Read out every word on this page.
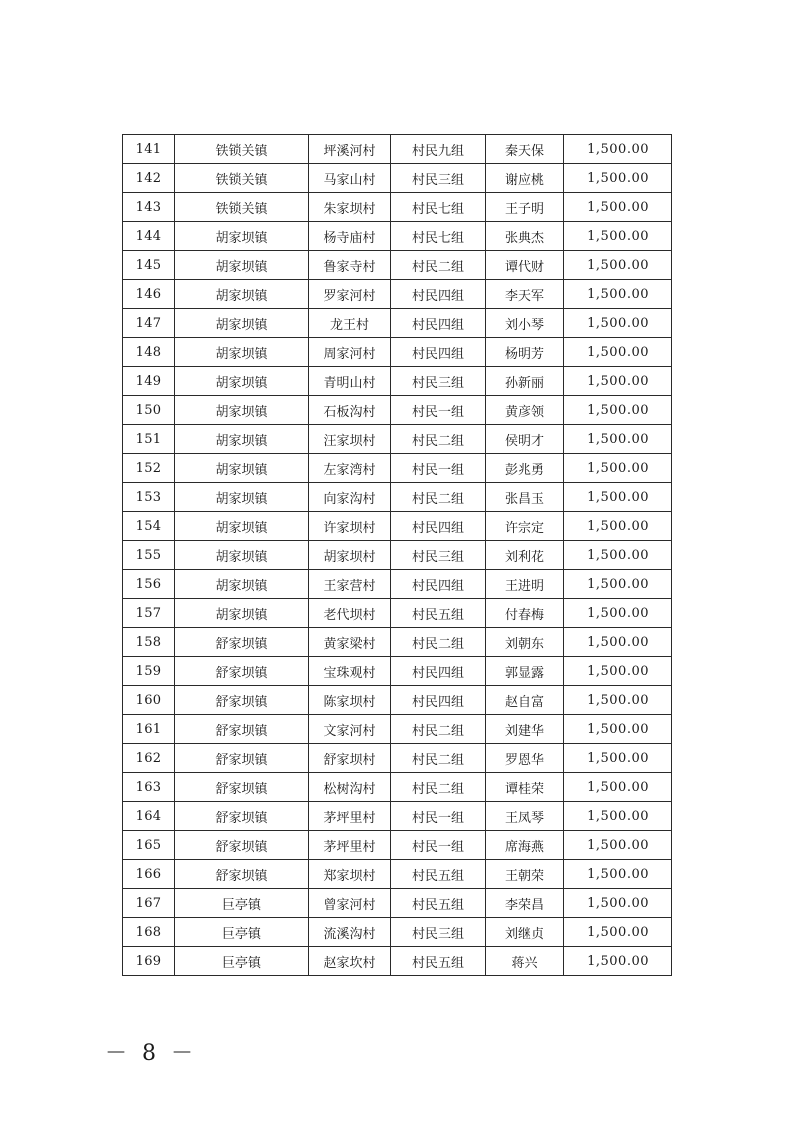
141	铁锁关镇	坪溪河村	村民九组	秦天保	1,500.00
142	铁锁关镇	马家山村	村民三组	谢应桃	1,500.00
143	铁锁关镇	朱家坝村	村民七组	王子明	1,500.00
144	胡家坝镇	杨寺庙村	村民七组	张典杰	1,500.00
145	胡家坝镇	鲁家寺村	村民二组	谭代财	1,500.00
146	胡家坝镇	罗家河村	村民四组	李天军	1,500.00
147	胡家坝镇	龙王村	村民四组	刘小琴	1,500.00
148	胡家坝镇	周家河村	村民四组	杨明芳	1,500.00
149	胡家坝镇	青明山村	村民三组	孙新丽	1,500.00
150	胡家坝镇	石板沟村	村民一组	黄彦领	1,500.00
151	胡家坝镇	汪家坝村	村民二组	侯明才	1,500.00
152	胡家坝镇	左家湾村	村民一组	彭兆勇	1,500.00
153	胡家坝镇	向家沟村	村民二组	张昌玉	1,500.00
154	胡家坝镇	许家坝村	村民四组	许宗定	1,500.00
155	胡家坝镇	胡家坝村	村民三组	刘利花	1,500.00
156	胡家坝镇	王家营村	村民四组	王进明	1,500.00
157	胡家坝镇	老代坝村	村民五组	付春梅	1,500.00
158	舒家坝镇	黄家梁村	村民二组	刘朝东	1,500.00
159	舒家坝镇	宝珠观村	村民四组	郭显露	1,500.00
160	舒家坝镇	陈家坝村	村民四组	赵自富	1,500.00
161	舒家坝镇	文家河村	村民二组	刘建华	1,500.00
162	舒家坝镇	舒家坝村	村民二组	罗恩华	1,500.00
163	舒家坝镇	松树沟村	村民二组	谭桂荣	1,500.00
164	舒家坝镇	茅坪里村	村民一组	王凤琴	1,500.00
165	舒家坝镇	茅坪里村	村民一组	席海燕	1,500.00
166	舒家坝镇	郑家坝村	村民五组	王朝荣	1,500.00
167	巨亭镇	曾家河村	村民五组	李荣昌	1,500.00
168	巨亭镇	流溪沟村	村民三组	刘继贞	1,500.00
169	巨亭镇	赵家坎村	村民五组	蒋兴	1,500.00
－ 8 －
